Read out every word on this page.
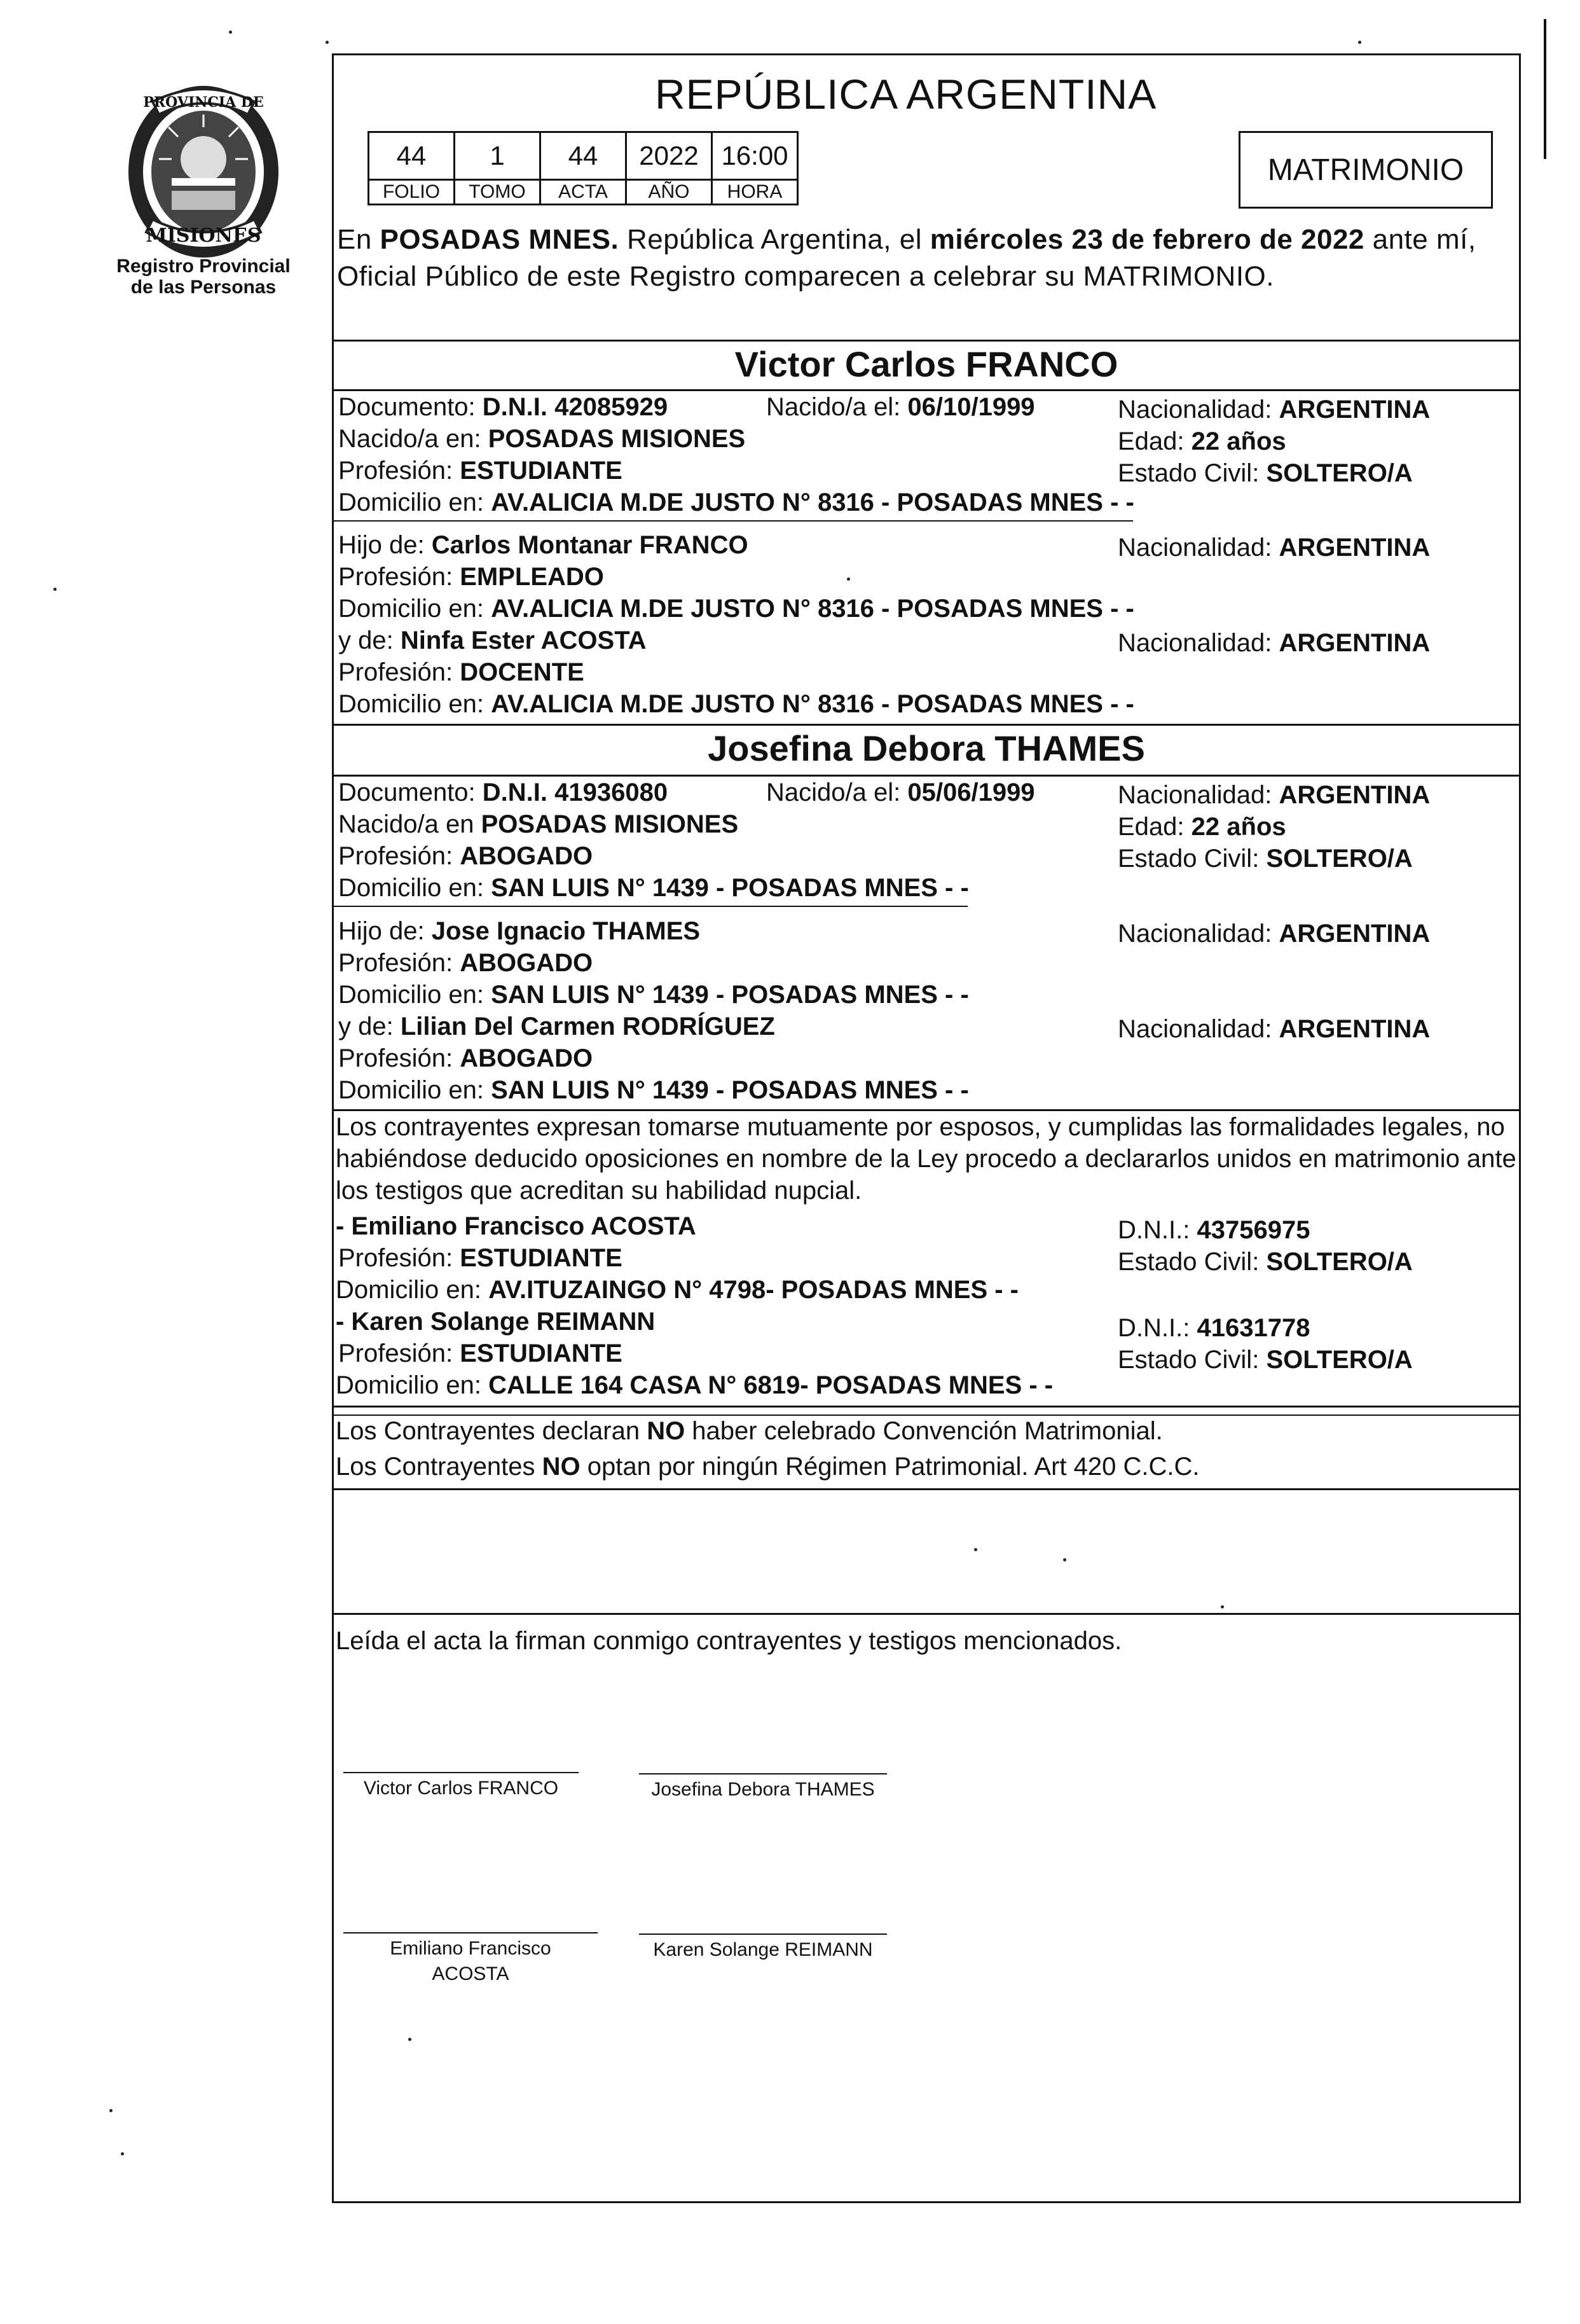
PROVINCIA DE
MISIONES
Registro Provincial
de las Personas
REPÚBLICA ARGENTINA
44	1	44	2022	16:00
FOLIO	TOMO	ACTA	AÑO	HORA
MATRIMONIO
En POSADAS MNES. República Argentina, el miércoles 23 de febrero de 2022 ante mí,
Oficial Público de este Registro comparecen a celebrar su MATRIMONIO.
Victor Carlos FRANCO
Documento: D.N.I. 42085929	Nacido/a el: 06/10/1999	Nacionalidad: ARGENTINA
Nacido/a en: POSADAS MISIONES	Edad: 22 años
Profesión: ESTUDIANTE	Estado Civil: SOLTERO/A
Domicilio en: AV.ALICIA M.DE JUSTO N° 8316 - POSADAS MNES - -
Hijo de: Carlos Montanar FRANCO	Nacionalidad: ARGENTINA
Profesión: EMPLEADO
Domicilio en: AV.ALICIA M.DE JUSTO N° 8316 - POSADAS MNES - -
y de: Ninfa Ester ACOSTA	Nacionalidad: ARGENTINA
Profesión: DOCENTE
Domicilio en: AV.ALICIA M.DE JUSTO N° 8316 - POSADAS MNES - -
Josefina Debora THAMES
Documento: D.N.I. 41936080	Nacido/a el: 05/06/1999	Nacionalidad: ARGENTINA
Nacido/a en POSADAS MISIONES	Edad: 22 años
Profesión: ABOGADO	Estado Civil: SOLTERO/A
Domicilio en: SAN LUIS N° 1439 - POSADAS MNES - -
Hijo de: Jose Ignacio THAMES	Nacionalidad: ARGENTINA
Profesión: ABOGADO
Domicilio en: SAN LUIS N° 1439 - POSADAS MNES - -
y de: Lilian Del Carmen RODRÍGUEZ	Nacionalidad: ARGENTINA
Profesión: ABOGADO
Domicilio en: SAN LUIS N° 1439 - POSADAS MNES - -
Los contrayentes expresan tomarse mutuamente por esposos, y cumplidas las formalidades legales, no
habiéndose deducido oposiciones en nombre de la Ley procedo a declararlos unidos en matrimonio ante
los testigos que acreditan su habilidad nupcial.
- Emiliano Francisco ACOSTA	D.N.I.: 43756975
Profesión: ESTUDIANTE	Estado Civil: SOLTERO/A
Domicilio en: AV.ITUZAINGO N° 4798- POSADAS MNES - -
- Karen Solange REIMANN	D.N.I.: 41631778
Profesión: ESTUDIANTE	Estado Civil: SOLTERO/A
Domicilio en: CALLE 164 CASA N° 6819- POSADAS MNES - -
Los Contrayentes declaran NO haber celebrado Convención Matrimonial.
Los Contrayentes NO optan por ningún Régimen Patrimonial. Art 420 C.C.C.
Leída el acta la firman conmigo contrayentes y testigos mencionados.
Victor Carlos FRANCO	Josefina Debora THAMES
Emiliano Francisco
ACOSTA
Karen Solange REIMANN
